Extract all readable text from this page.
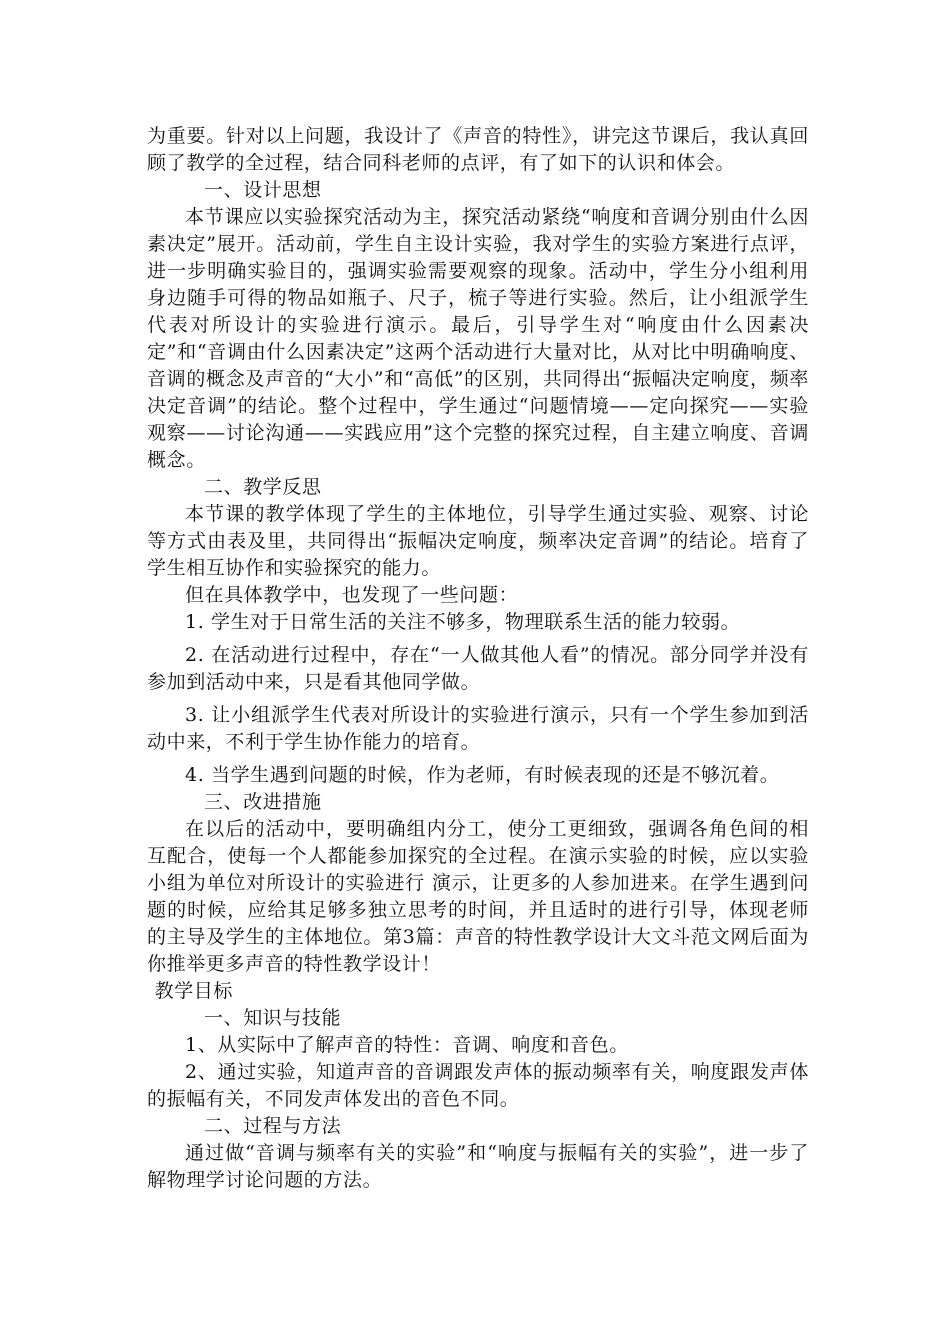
为重要。针对以上问题，我设计了《声音的特性》，讲完这节课后，我认真回顾了教学的全过程，结合同科老师的点评，有了如下的认识和体会。

一、设计思想

本节课应以实验探究活动为主，探究活动紧绕“响度和音调分别由什么因素决定”展开。活动前，学生自主设计实验，我对学生的实验方案进行点评，进一步明确实验目的，强调实验需要观察的现象。活动中，学生分小组利用身边随手可得的物品如瓶子、尺子，梳子等进行实验。然后，让小组派学生代表对所设计的实验进行演示。最后，引导学生对“响度由什么因素决定”和“音调由什么因素决定”这两个活动进行大量对比，从对比中明确响度、音调的概念及声音的“大小”和“高低”的区别，共同得出“振幅决定响度，频率决定音调”的结论。整个过程中，学生通过“问题情境——定向探究——实验观察——讨论沟通——实践应用”这个完整的探究过程，自主建立响度、音调概念。

二、教学反思

本节课的教学体现了学生的主体地位，引导学生通过实验、观察、讨论等方式由表及里，共同得出“振幅决定响度，频率决定音调”的结论。培育了学生相互协作和实验探究的能力。

但在具体教学中，也发现了一些问题：

1. 学生对于日常生活的关注不够多，物理联系生活的能力较弱。

2. 在活动进行过程中，存在“一人做其他人看”的情况。部分同学并没有参加到活动中来，只是看其他同学做。

3. 让小组派学生代表对所设计的实验进行演示，只有一个学生参加到活动中来，不利于学生协作能力的培育。

4. 当学生遇到问题的时候，作为老师，有时候表现的还是不够沉着。

三、改进措施

在以后的活动中，要明确组内分工，使分工更细致，强调各角色间的相互配合，使每一个人都能参加探究的全过程。在演示实验的时候，应以实验小组为单位对所设计的实验进行 演示，让更多的人参加进来。在学生遇到问题的时候，应给其足够多独立思考的时间，并且适时的进行引导，体现老师的主导及学生的主体地位。第3篇：声音的特性教学设计大文斗范文网后面为你推举更多声音的特性教学设计！

教学目标

一、知识与技能

1、从实际中了解声音的特性：音调、响度和音色。

2、通过实验，知道声音的音调跟发声体的振动频率有关，响度跟发声体的振幅有关，不同发声体发出的音色不同。

二、过程与方法

通过做“音调与频率有关的实验”和“响度与振幅有关的实验”，进一步了解物理学讨论问题的方法。
